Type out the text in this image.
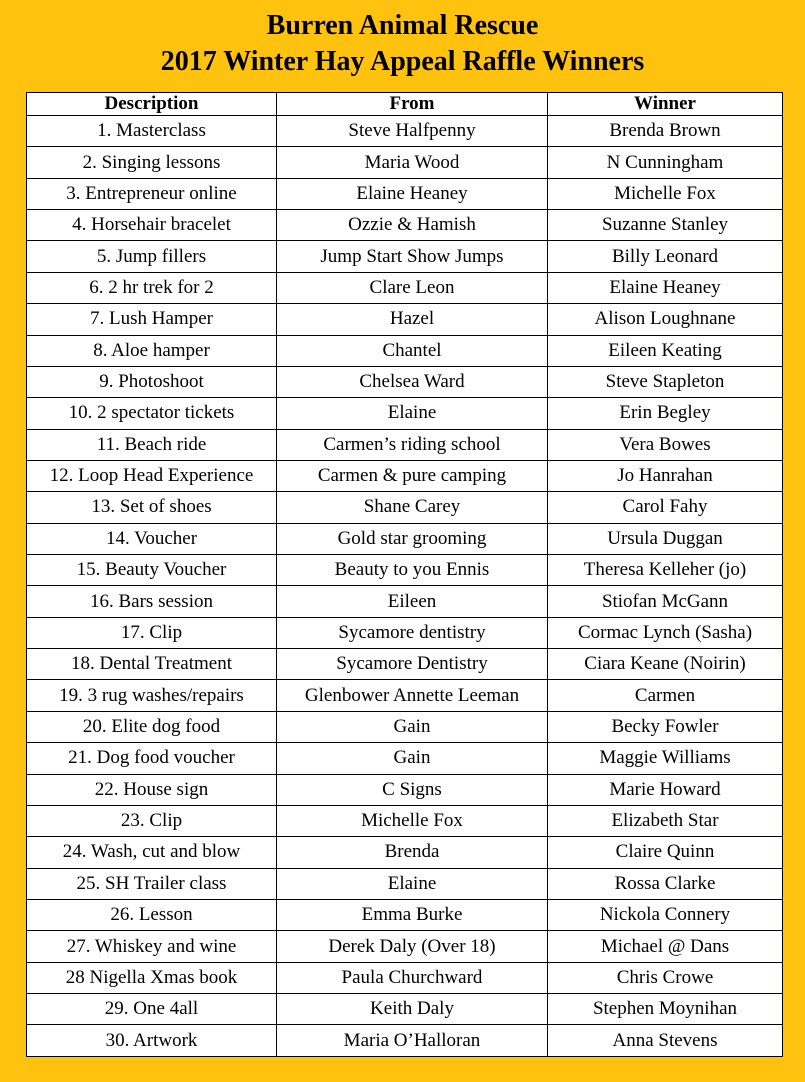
Burren Animal Rescue
2017 Winter Hay Appeal Raffle Winners
Description	From	Winner
1. Masterclass	Steve Halfpenny	Brenda Brown
2. Singing lessons	Maria Wood	N Cunningham
3. Entrepreneur online	Elaine Heaney	Michelle Fox
4. Horsehair bracelet	Ozzie & Hamish	Suzanne Stanley
5. Jump fillers	Jump Start Show Jumps	Billy Leonard
6. 2 hr trek for 2	Clare Leon	Elaine Heaney
7. Lush Hamper	Hazel	Alison Loughnane
8. Aloe hamper	Chantel	Eileen Keating
9. Photoshoot	Chelsea Ward	Steve Stapleton
10. 2 spectator tickets	Elaine	Erin Begley
11. Beach ride	Carmen’s riding school	Vera Bowes
12. Loop Head Experience	Carmen & pure camping	Jo Hanrahan
13. Set of shoes	Shane Carey	Carol Fahy
14. Voucher	Gold star grooming	Ursula Duggan
15. Beauty Voucher	Beauty to you Ennis	Theresa Kelleher (jo)
16. Bars session	Eileen	Stiofan McGann
17. Clip	Sycamore dentistry	Cormac Lynch (Sasha)
18. Dental Treatment	Sycamore Dentistry	Ciara Keane (Noirin)
19. 3 rug washes/repairs	Glenbower Annette Leeman	Carmen
20. Elite dog food	Gain	Becky Fowler
21. Dog food voucher	Gain	Maggie Williams
22. House sign	C Signs	Marie Howard
23. Clip	Michelle Fox	Elizabeth Star
24. Wash, cut and blow	Brenda	Claire Quinn
25. SH Trailer class	Elaine	Rossa Clarke
26. Lesson	Emma Burke	Nickola Connery
27. Whiskey and wine	Derek Daly (Over 18)	Michael @ Dans
28 Nigella Xmas book	Paula Churchward	Chris Crowe
29. One 4all	Keith Daly	Stephen Moynihan
30. Artwork	Maria O’Halloran	Anna Stevens
